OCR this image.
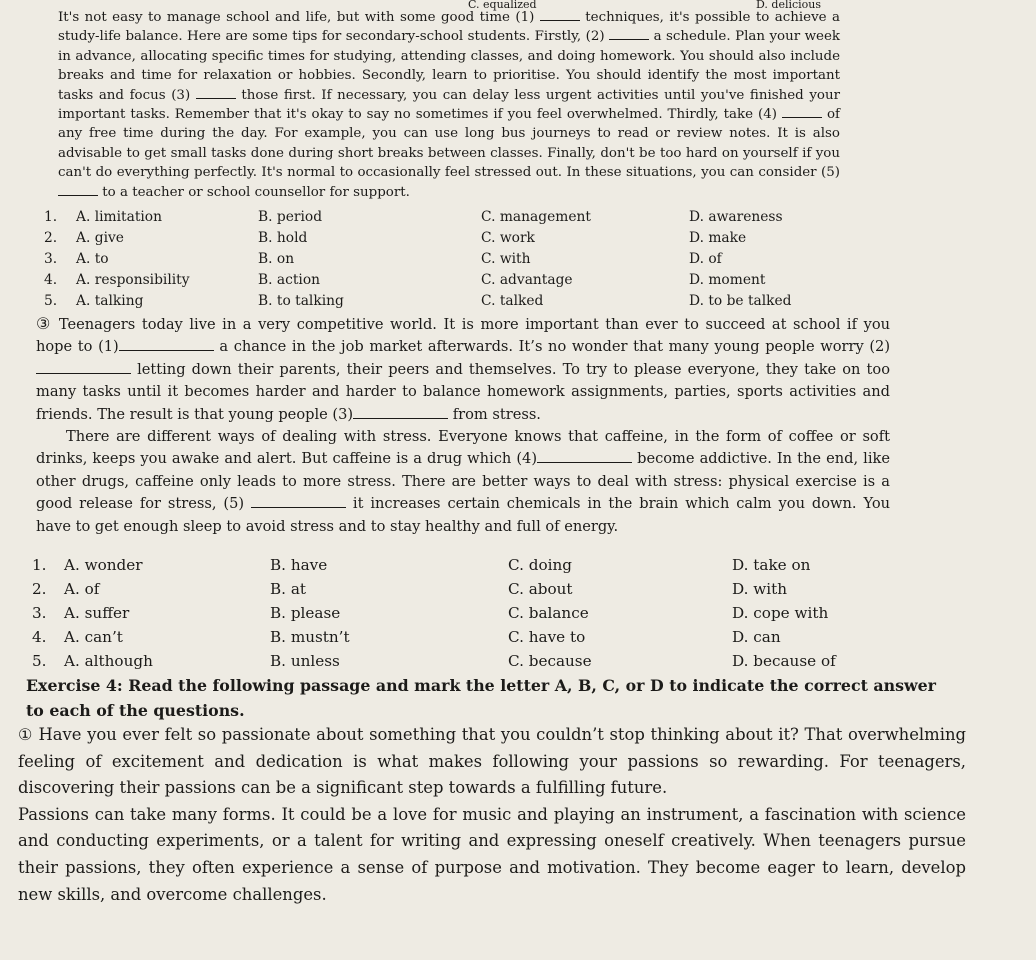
C. equalized	D. delicious

It's not easy to manage school and life, but with some good time (1)	techniques, it's possible to achieve a study-life balance. Here are some tips for secondary-school students. Firstly, (2)	a schedule. Plan your week in advance, allocating specific times for studying, attending classes, and doing homework. You should also include breaks and time for relaxation or hobbies. Secondly, learn to prioritise. You should identify the most important tasks and focus (3)	those first. If necessary, you can delay less urgent activities until you've finished your important tasks. Remember that it's okay to say no sometimes if you feel overwhelmed. Thirdly, take (4)	of any free time during the day. For example, you can use long bus journeys to read or review notes. It is also advisable to get small tasks done during short breaks between classes. Finally, don't be too hard on yourself if you can't do everything perfectly. It's normal to occasionally feel stressed out. In these situations, you can consider (5)  to a teacher or school counsellor for support.

1. A. limitation	B. period	C. management	D. awareness
2. A. give	B. hold	C. work	D. make
3. A. to	B. on	C. with	D. of
4. A. responsibility	B. action	C. advantage	D. moment
5. A. talking	B. to talking	C. talked	D. to be talked

③ Teenagers today live in a very competitive world. It is more important than ever to succeed at school if you hope to (1)	a chance in the job market afterwards. It’s no wonder that many young people worry (2) letting down their parents, their peers and themselves. To try to please everyone, they take on too many tasks until it becomes harder and harder to balance homework assignments, parties, sports activities and friends. The result is that young people (3)	from stress.

There are different ways of dealing with stress. Everyone knows that caffeine, in the form of coffee or soft drinks, keeps you awake and alert. But caffeine is a drug which (4)	become addictive. In the end, like other drugs, caffeine only leads to more stress. There are better ways to deal with stress: physical exercise is a good release for stress, (5)	it increases certain chemicals in the brain which calm you down. You have to get enough sleep to avoid stress and to stay healthy and full of energy.

1. A. wonder	B. have	C. doing	D. take on
2. A. of	B. at	C. about	D. with
3. A. suffer	B. please	C. balance	D. cope with
4. A. can’t	B. mustn’t	C. have to	D. can
5. A. although	B. unless	C. because	D. because of
Exercise 4: Read the following passage and mark the letter A, B, C, or D to indicate the correct answer to each of the questions.

① Have you ever felt so passionate about something that you couldn’t stop thinking about it? That overwhelming feeling of excitement and dedication is what makes following your passions so rewarding. For teenagers, discovering their passions can be a significant step towards a fulfilling future.

Passions can take many forms. It could be a love for music and playing an instrument, a fascination with science and conducting experiments, or a talent for writing and expressing oneself creatively. When teenagers pursue their passions, they often experience a sense of purpose and motivation. They become eager to learn, develop new skills, and overcome challenges.
